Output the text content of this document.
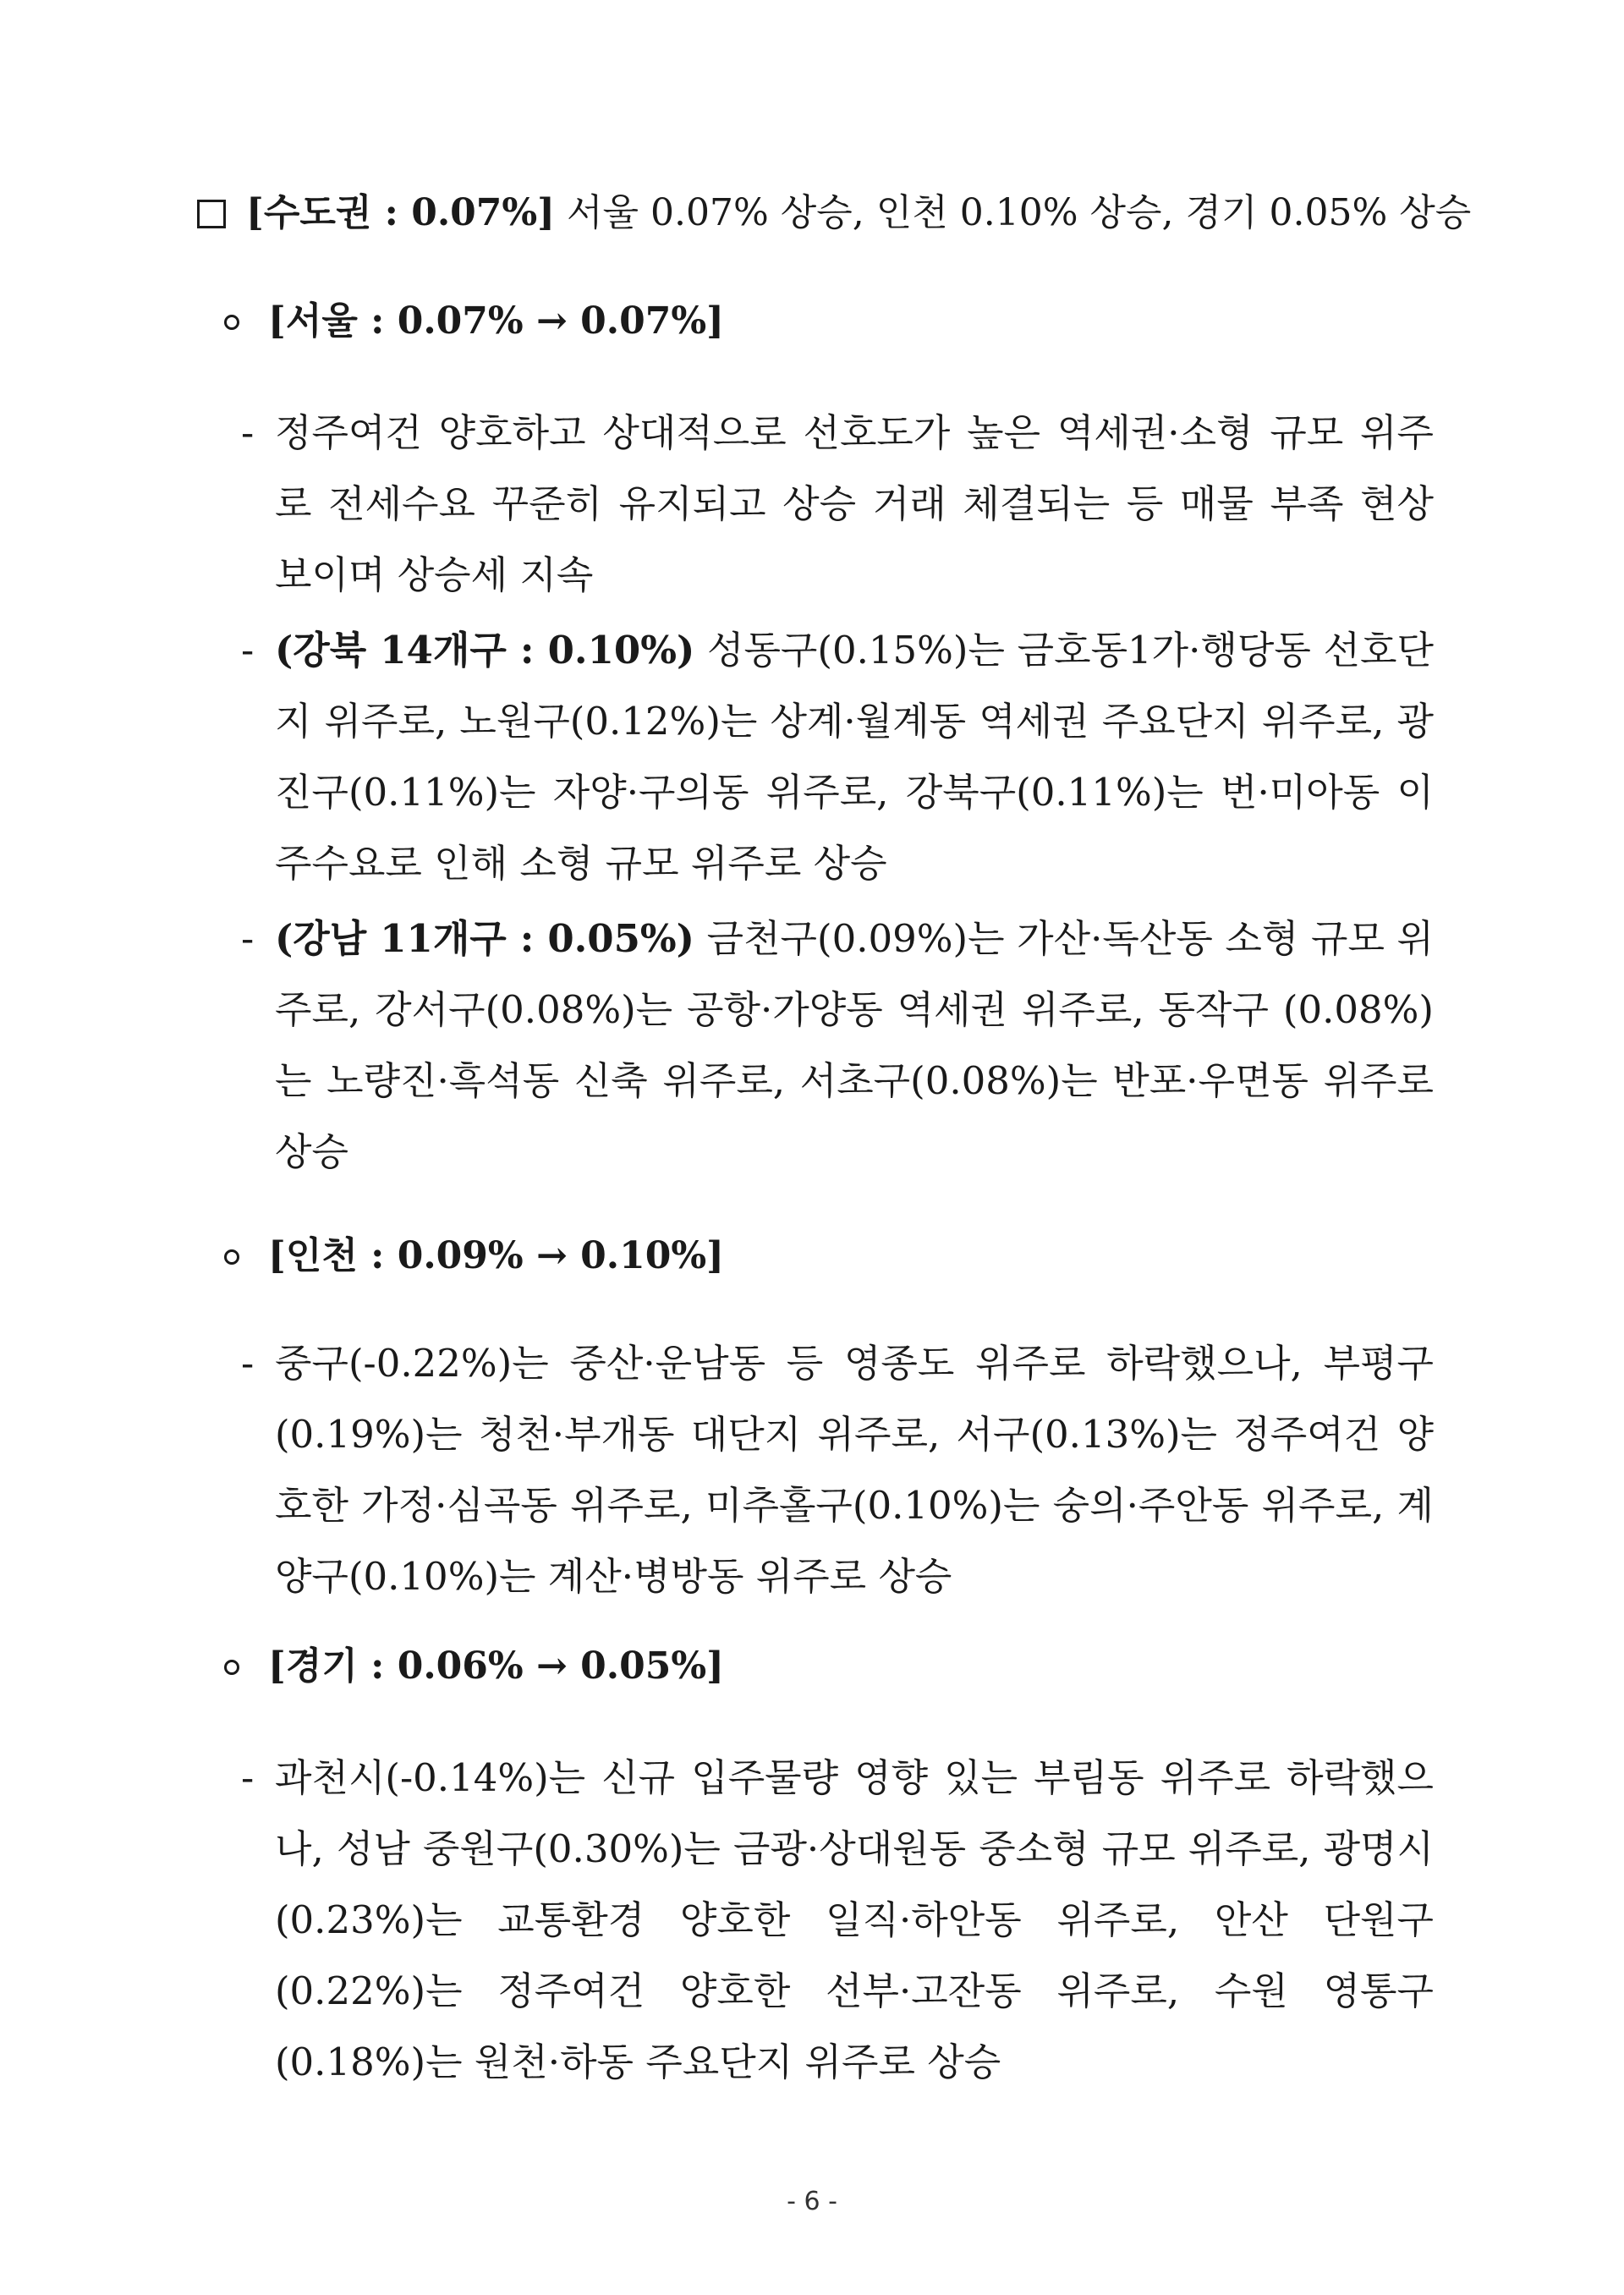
[수도권 : 0.07%] 서울 0.07% 상승, 인천 0.10% 상승, 경기 0.05% 상승
[서울 : 0.07% → 0.07%]
- 정주여건 양호하고 상대적으로 선호도가 높은 역세권·소형 규모 위주로 전세수요 꾸준히 유지되고 상승 거래 체결되는 등 매물 부족 현상 보이며 상승세 지속
- (강북 14개구 : 0.10%) 성동구(0.15%)는 금호동1가·행당동 선호단지 위주로, 노원구(0.12%)는 상계·월계동 역세권 주요단지 위주로, 광진구(0.11%)는 자양·구의동 위주로, 강북구(0.11%)는 번·미아동 이주수요로 인해 소형 규모 위주로 상승
- (강남 11개구 : 0.05%) 금천구(0.09%)는 가산·독산동 소형 규모 위주로, 강서구(0.08%)는 공항·가양동 역세권 위주로, 동작구 (0.08%)는 노량진·흑석동 신축 위주로, 서초구(0.08%)는 반포·우면동 위주로 상승
[인천 : 0.09% → 0.10%]
- 중구(-0.22%)는 중산·운남동 등 영종도 위주로 하락했으나, 부평구 (0.19%)는 청천·부개동 대단지 위주로, 서구(0.13%)는 정주여건 양호한 가정·심곡동 위주로, 미추홀구(0.10%)는 숭의·주안동 위주로, 계양구(0.10%)는 계산·병방동 위주로 상승
[경기 : 0.06% → 0.05%]
- 과천시(-0.14%)는 신규 입주물량 영향 있는 부림동 위주로 하락했으나, 성남 중원구(0.30%)는 금광·상대원동 중소형 규모 위주로, 광명시(0.23%)는 교통환경 양호한 일직·하안동 위주로, 안산 단원구(0.22%)는 정주여건 양호한 선부·고잔동 위주로, 수원 영통구(0.18%)는 원천·하동 주요단지 위주로 상승
- 6 -
